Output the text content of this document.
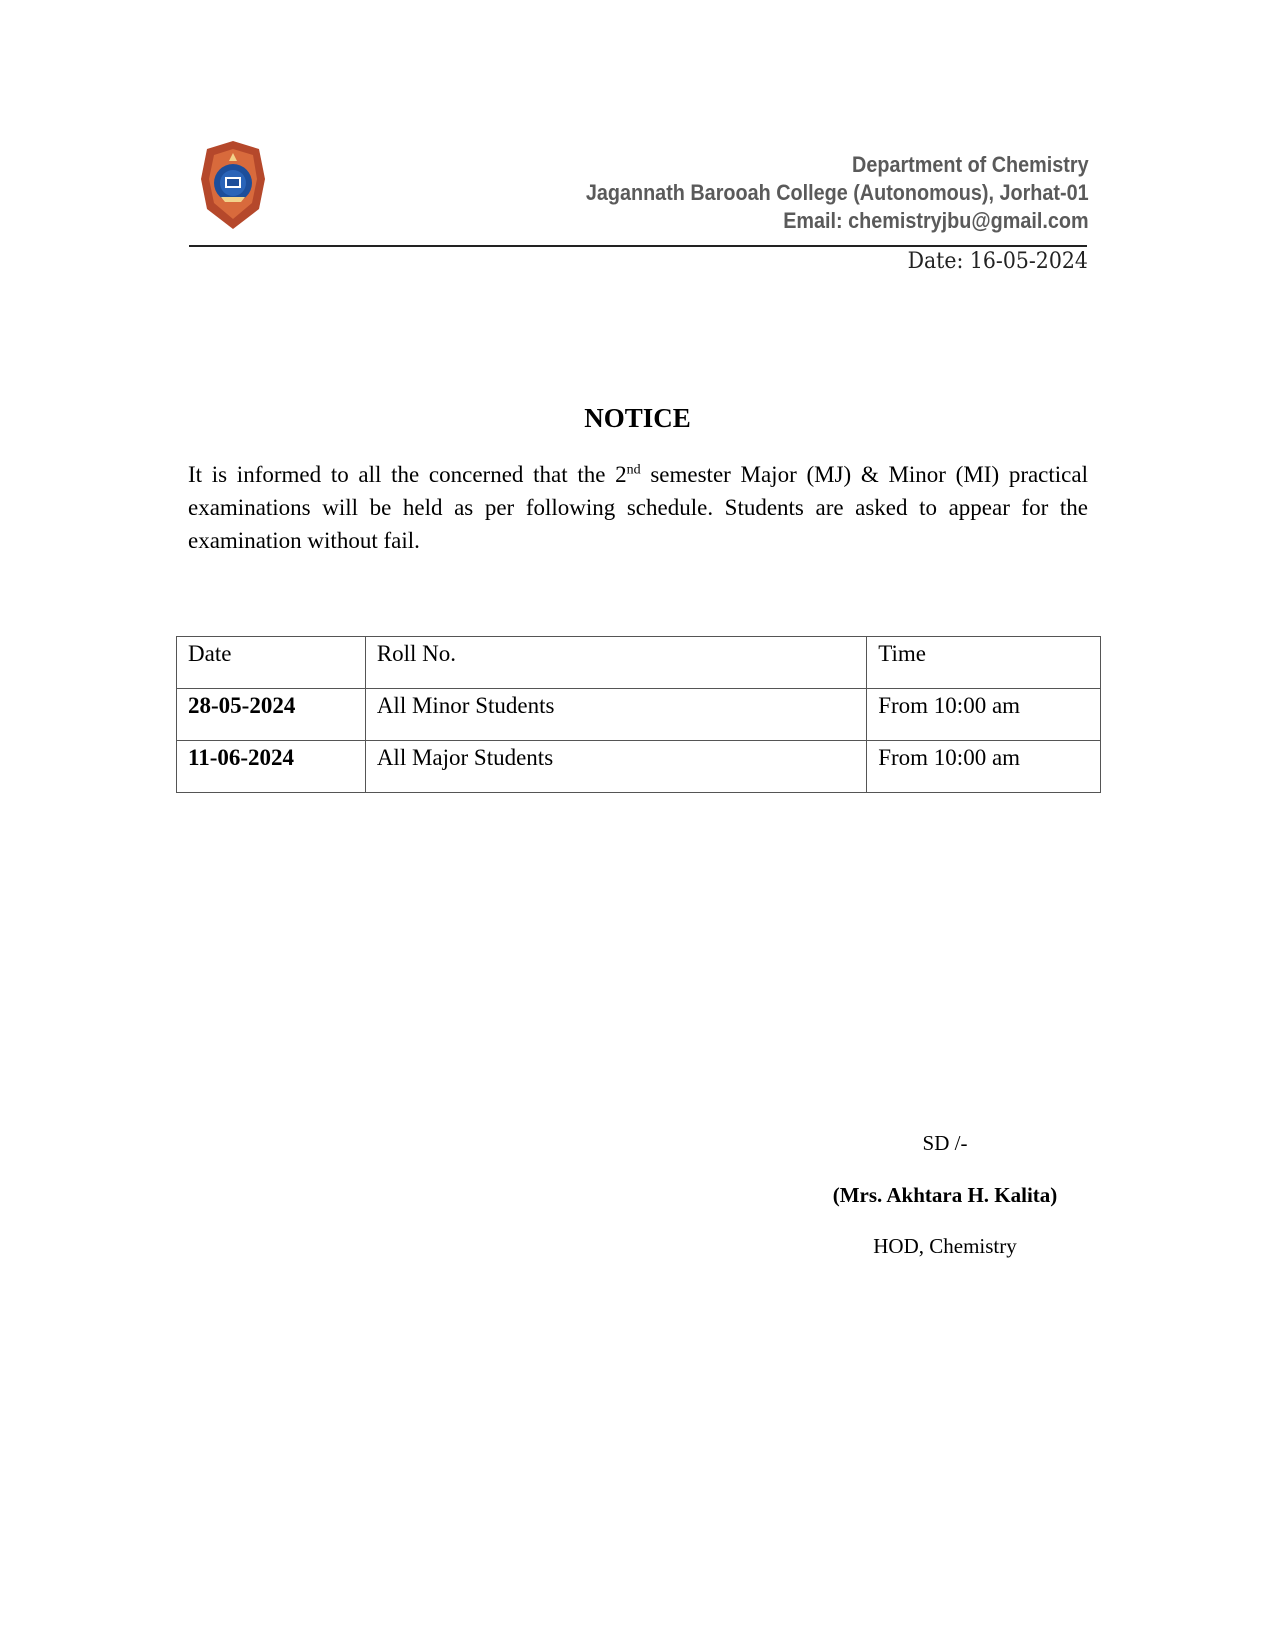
Department of Chemistry
Jagannath Barooah College (Autonomous), Jorhat-01
Email: chemistryjbu@gmail.com
Date: 16-05-2024
NOTICE
It is informed to all the concerned that the 2nd semester Major (MJ) & Minor (MI) practical examinations will be held as per following schedule. Students are asked to appear for the examination without fail.
Date	Roll No.	Time
28-05-2024	All Minor Students	From 10:00 am
11-06-2024	All Major Students	From 10:00 am
SD /-
(Mrs. Akhtara H. Kalita)
HOD, Chemistry
